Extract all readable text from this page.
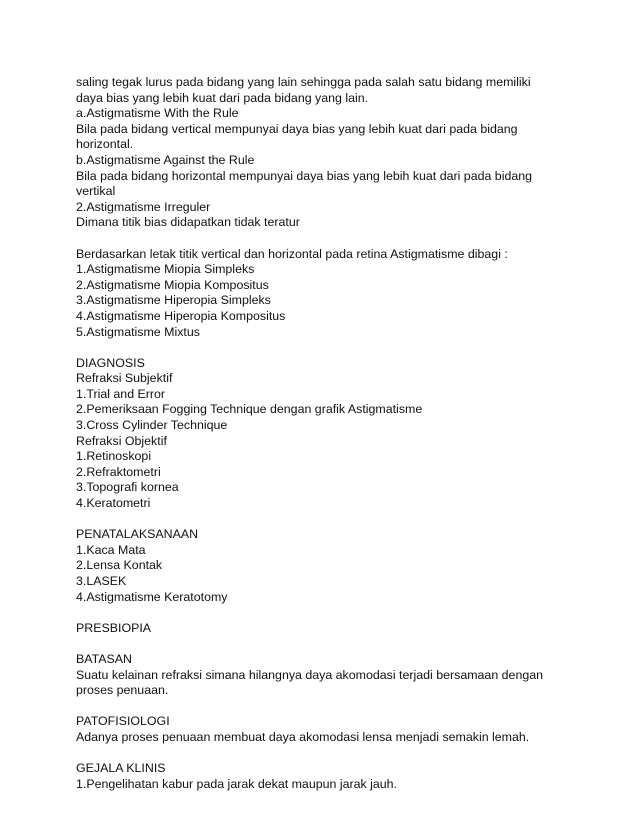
saling tegak lurus pada bidang yang lain sehingga pada salah satu bidang memiliki
daya bias yang lebih kuat dari pada bidang yang lain.
a.Astigmatisme With the Rule
Bila pada bidang vertical mempunyai daya bias yang lebih kuat dari pada bidang
horizontal.
b.Astigmatisme Against the Rule
Bila pada bidang horizontal mempunyai daya bias yang lebih kuat dari pada bidang
vertikal
2.Astigmatisme Irreguler
Dimana titik bias didapatkan tidak teratur
Berdasarkan letak titik vertical dan horizontal pada retina Astigmatisme dibagi :
1.Astigmatisme Miopia Simpleks
2.Astigmatisme Miopia Kompositus
3.Astigmatisme Hiperopia Simpleks
4.Astigmatisme Hiperopia Kompositus
5.Astigmatisme Mixtus
DIAGNOSIS
Refraksi Subjektif
1.Trial and Error
2.Pemeriksaan Fogging Technique dengan grafik Astigmatisme
3.Cross Cylinder Technique
Refraksi Objektif
1.Retinoskopi
2.Refraktometri
3.Topografi kornea
4.Keratometri
PENATALAKSANAAN
1.Kaca Mata
2.Lensa Kontak
3.LASEK
4.Astigmatisme Keratotomy
PRESBIOPIA
BATASAN
Suatu kelainan refraksi simana hilangnya daya akomodasi terjadi bersamaan dengan
proses penuaan.
PATOFISIOLOGI
Adanya proses penuaan membuat daya akomodasi lensa menjadi semakin lemah.
GEJALA KLINIS
1.Pengelihatan kabur pada jarak dekat maupun jarak jauh.
